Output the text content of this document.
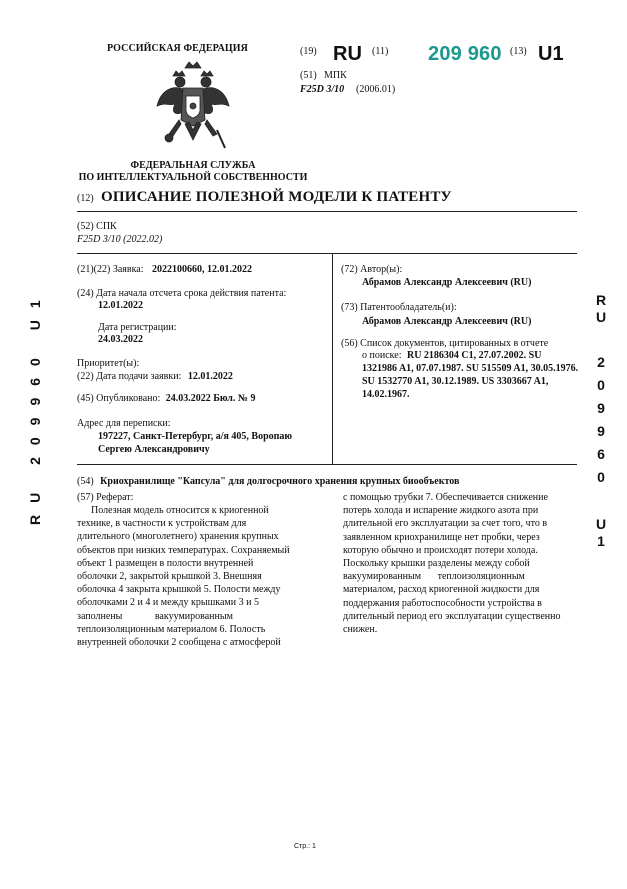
РОССИЙСКАЯ ФЕДЕРАЦИЯ
ФЕДЕРАЛЬНАЯ СЛУЖБА
ПО ИНТЕЛЛЕКТУАЛЬНОЙ СОБСТВЕННОСТИ
(19) RU (11) 209 960 (13) U1
(51) МПК
F25D 3/10 (2006.01)
(12) ОПИСАНИЕ ПОЛЕЗНОЙ МОДЕЛИ К ПАТЕНТУ
(52) СПК
F25D 3/10 (2022.02)
(21)(22) Заявка: 2022100660, 12.01.2022
(24) Дата начала отсчета срока действия патента:
12.01.2022
Дата регистрации:
24.03.2022
Приоритет(ы):
(22) Дата подачи заявки: 12.01.2022
(45) Опубликовано: 24.03.2022 Бюл. № 9
Адрес для переписки:
197227, Санкт-Петербург, а/я 405, Воропаю
Сергею Александровичу
(72) Автор(ы):
Абрамов Александр Алексеевич (RU)
(73) Патентообладатель(и):
Абрамов Александр Алексеевич (RU)
(56) Список документов, цитированных в отчете
о поиске: RU 2186304 C1, 27.07.2002. SU
1321986 A1, 07.07.1987. SU 515509 A1, 30.05.1976.
SU 1532770 A1, 30.12.1989. US 3303667 A1,
14.02.1967.
(54) Криохранилище "Капсула" для долгосрочного хранения крупных биообъектов
(57) Реферат:
Полезная модель относится к криогенной
технике, в частности к устройствам для
длительного (многолетнего) хранения крупных
объектов при низких температурах. Сохраняемый
объект 1 размещен в полости внутренней
оболочки 2, закрытой крышкой 3. Внешняя
оболочка 4 закрыта крышкой 5. Полости между
оболочками 2 и 4 и между крышками 3 и 5
заполнены вакуумированным
теплоизоляционным материалом 6. Полость
внутренней оболочки 2 сообщена с атмосферой
с помощью трубки 7. Обеспечивается снижение
потерь холода и испарение жидкого азота при
длительной его эксплуатации за счет того, что в
заявленном криохранилище нет пробки, через
которую обычно и происходят потери холода.
Поскольку крышки разделены между собой
вакуумированным теплоизоляционным
материалом, расход криогенной жидкости для
поддержания работоспособности устройства в
длительный период его эксплуатации существенно
снижен.
R
U
2
0
9
9
6
0
U
1
RU 209960 U1
Стр.: 1
